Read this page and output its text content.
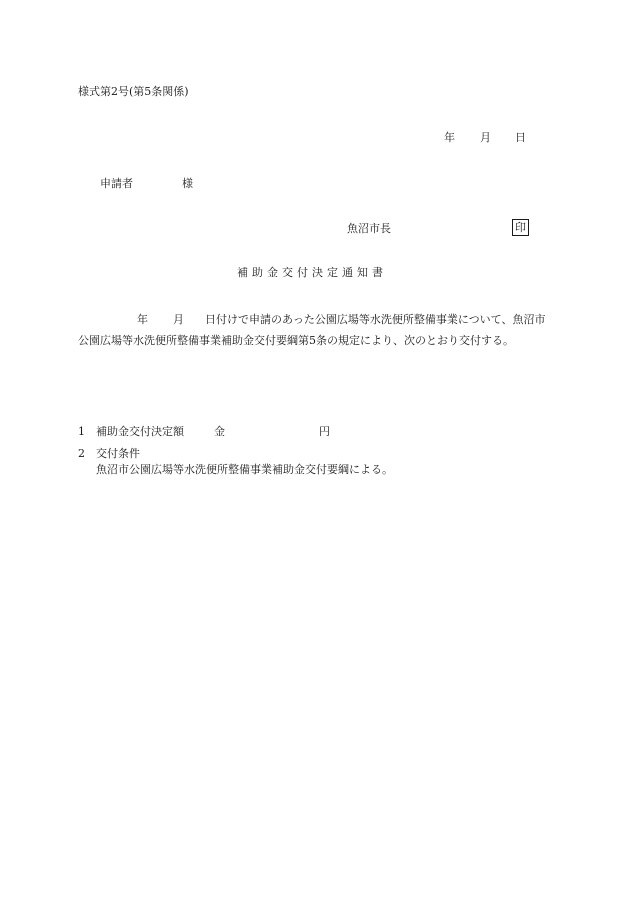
様式第2号(第5条関係)
年 月 日
申請者	様
魚沼市長	印
補助金交付決定通知書
年 月 日付けで申請のあった公園広場等水洗便所整備事業について、魚沼市公園広場等水洗便所整備事業補助金交付要綱第5条の規定により、次のとおり交付する。
1 補助金交付決定額	金	円
2 交付条件
魚沼市公園広場等水洗便所整備事業補助金交付要綱による。
